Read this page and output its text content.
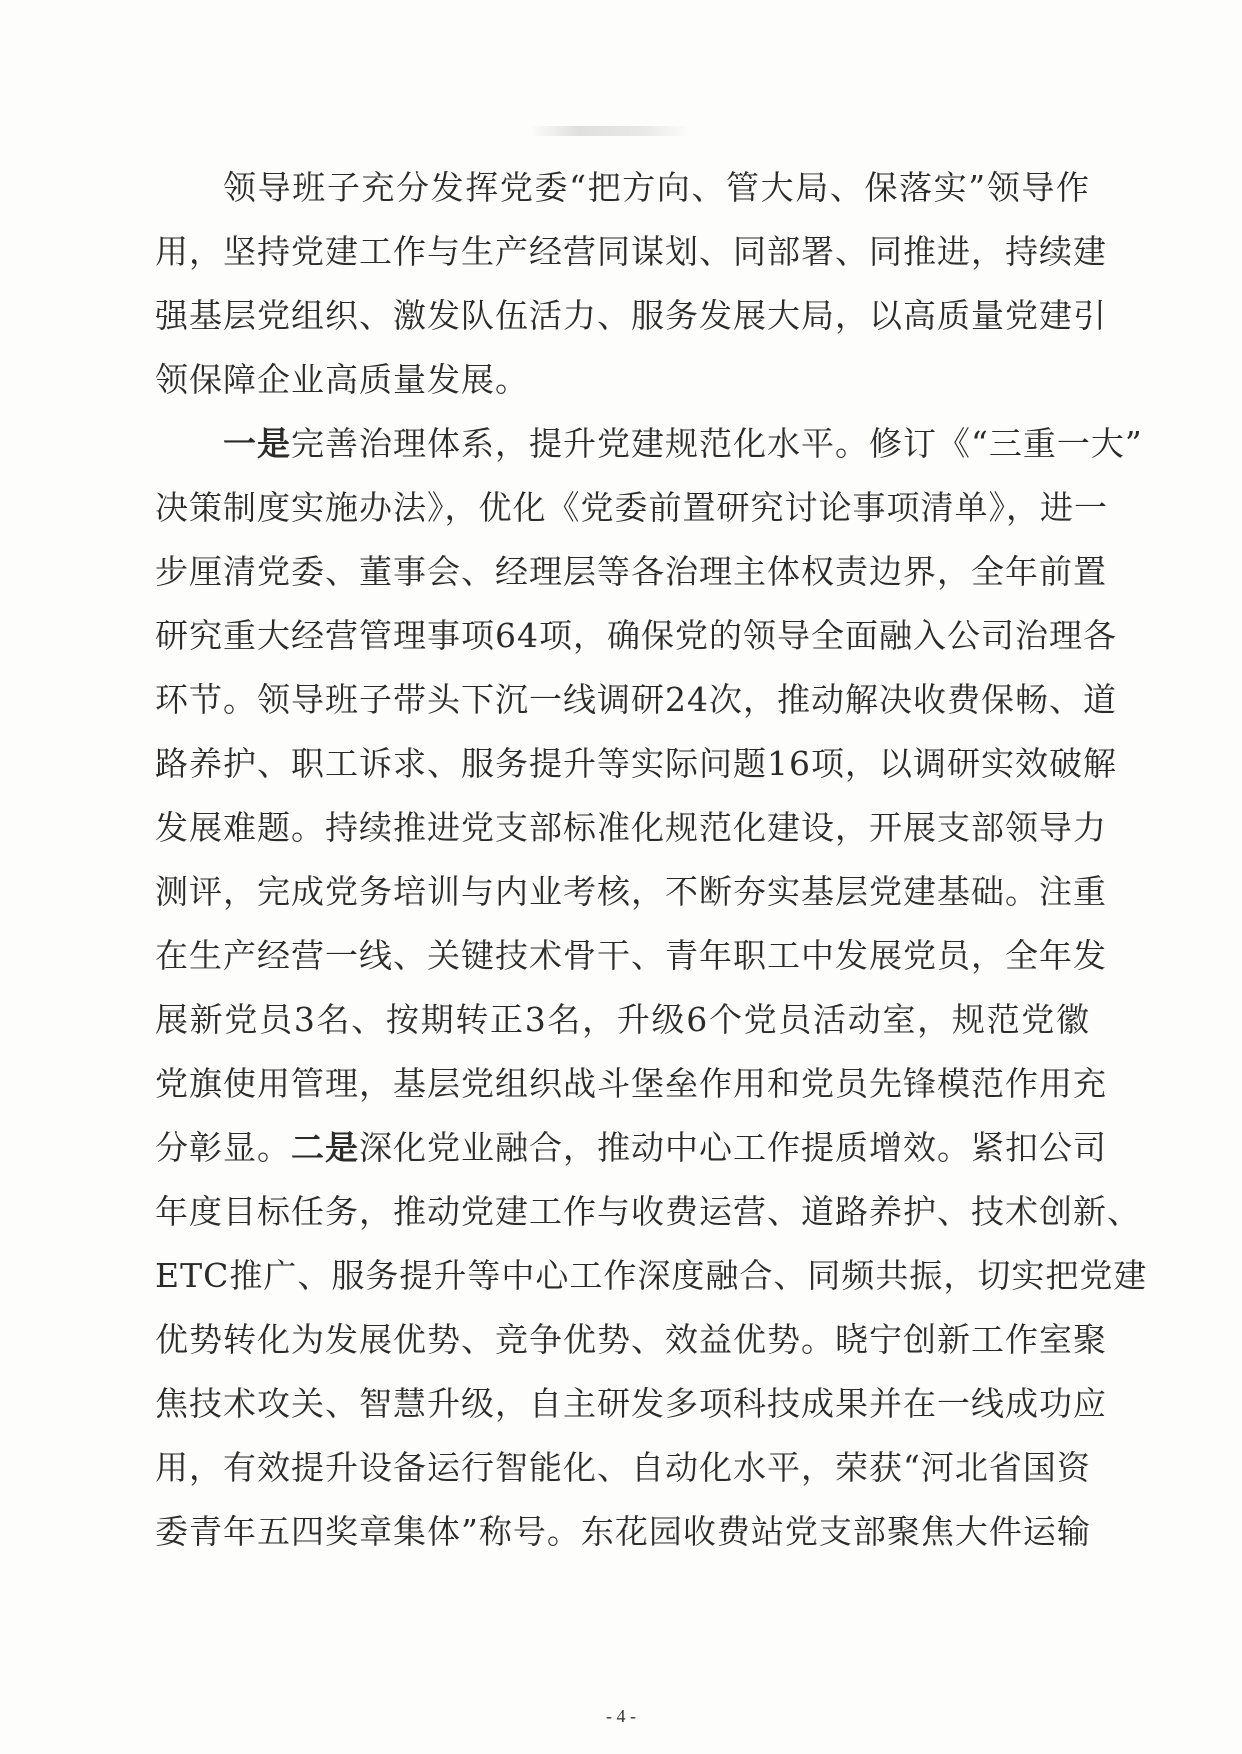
领导班子充分发挥党委“把方向、管大局、保落实”领导作
用，坚持党建工作与生产经营同谋划、同部署、同推进，持续建
强基层党组织、激发队伍活力、服务发展大局，以高质量党建引
领保障企业高质量发展。
一是完善治理体系，提升党建规范化水平。修订《“三重一大”
决策制度实施办法》，优化《党委前置研究讨论事项清单》，进一
步厘清党委、董事会、经理层等各治理主体权责边界，全年前置
研究重大经营管理事项64项，确保党的领导全面融入公司治理各
环节。领导班子带头下沉一线调研24次，推动解决收费保畅、道
路养护、职工诉求、服务提升等实际问题16项，以调研实效破解
发展难题。持续推进党支部标准化规范化建设，开展支部领导力
测评，完成党务培训与内业考核，不断夯实基层党建基础。注重
在生产经营一线、关键技术骨干、青年职工中发展党员，全年发
展新党员3名、按期转正3名，升级6个党员活动室，规范党徽
党旗使用管理，基层党组织战斗堡垒作用和党员先锋模范作用充
分彰显。二是深化党业融合，推动中心工作提质增效。紧扣公司
年度目标任务，推动党建工作与收费运营、道路养护、技术创新、
ETC推广、服务提升等中心工作深度融合、同频共振，切实把党建
优势转化为发展优势、竞争优势、效益优势。晓宁创新工作室聚
焦技术攻关、智慧升级，自主研发多项科技成果并在一线成功应
用，有效提升设备运行智能化、自动化水平，荣获“河北省国资
委青年五四奖章集体”称号。东花园收费站党支部聚焦大件运输
- 4 -
